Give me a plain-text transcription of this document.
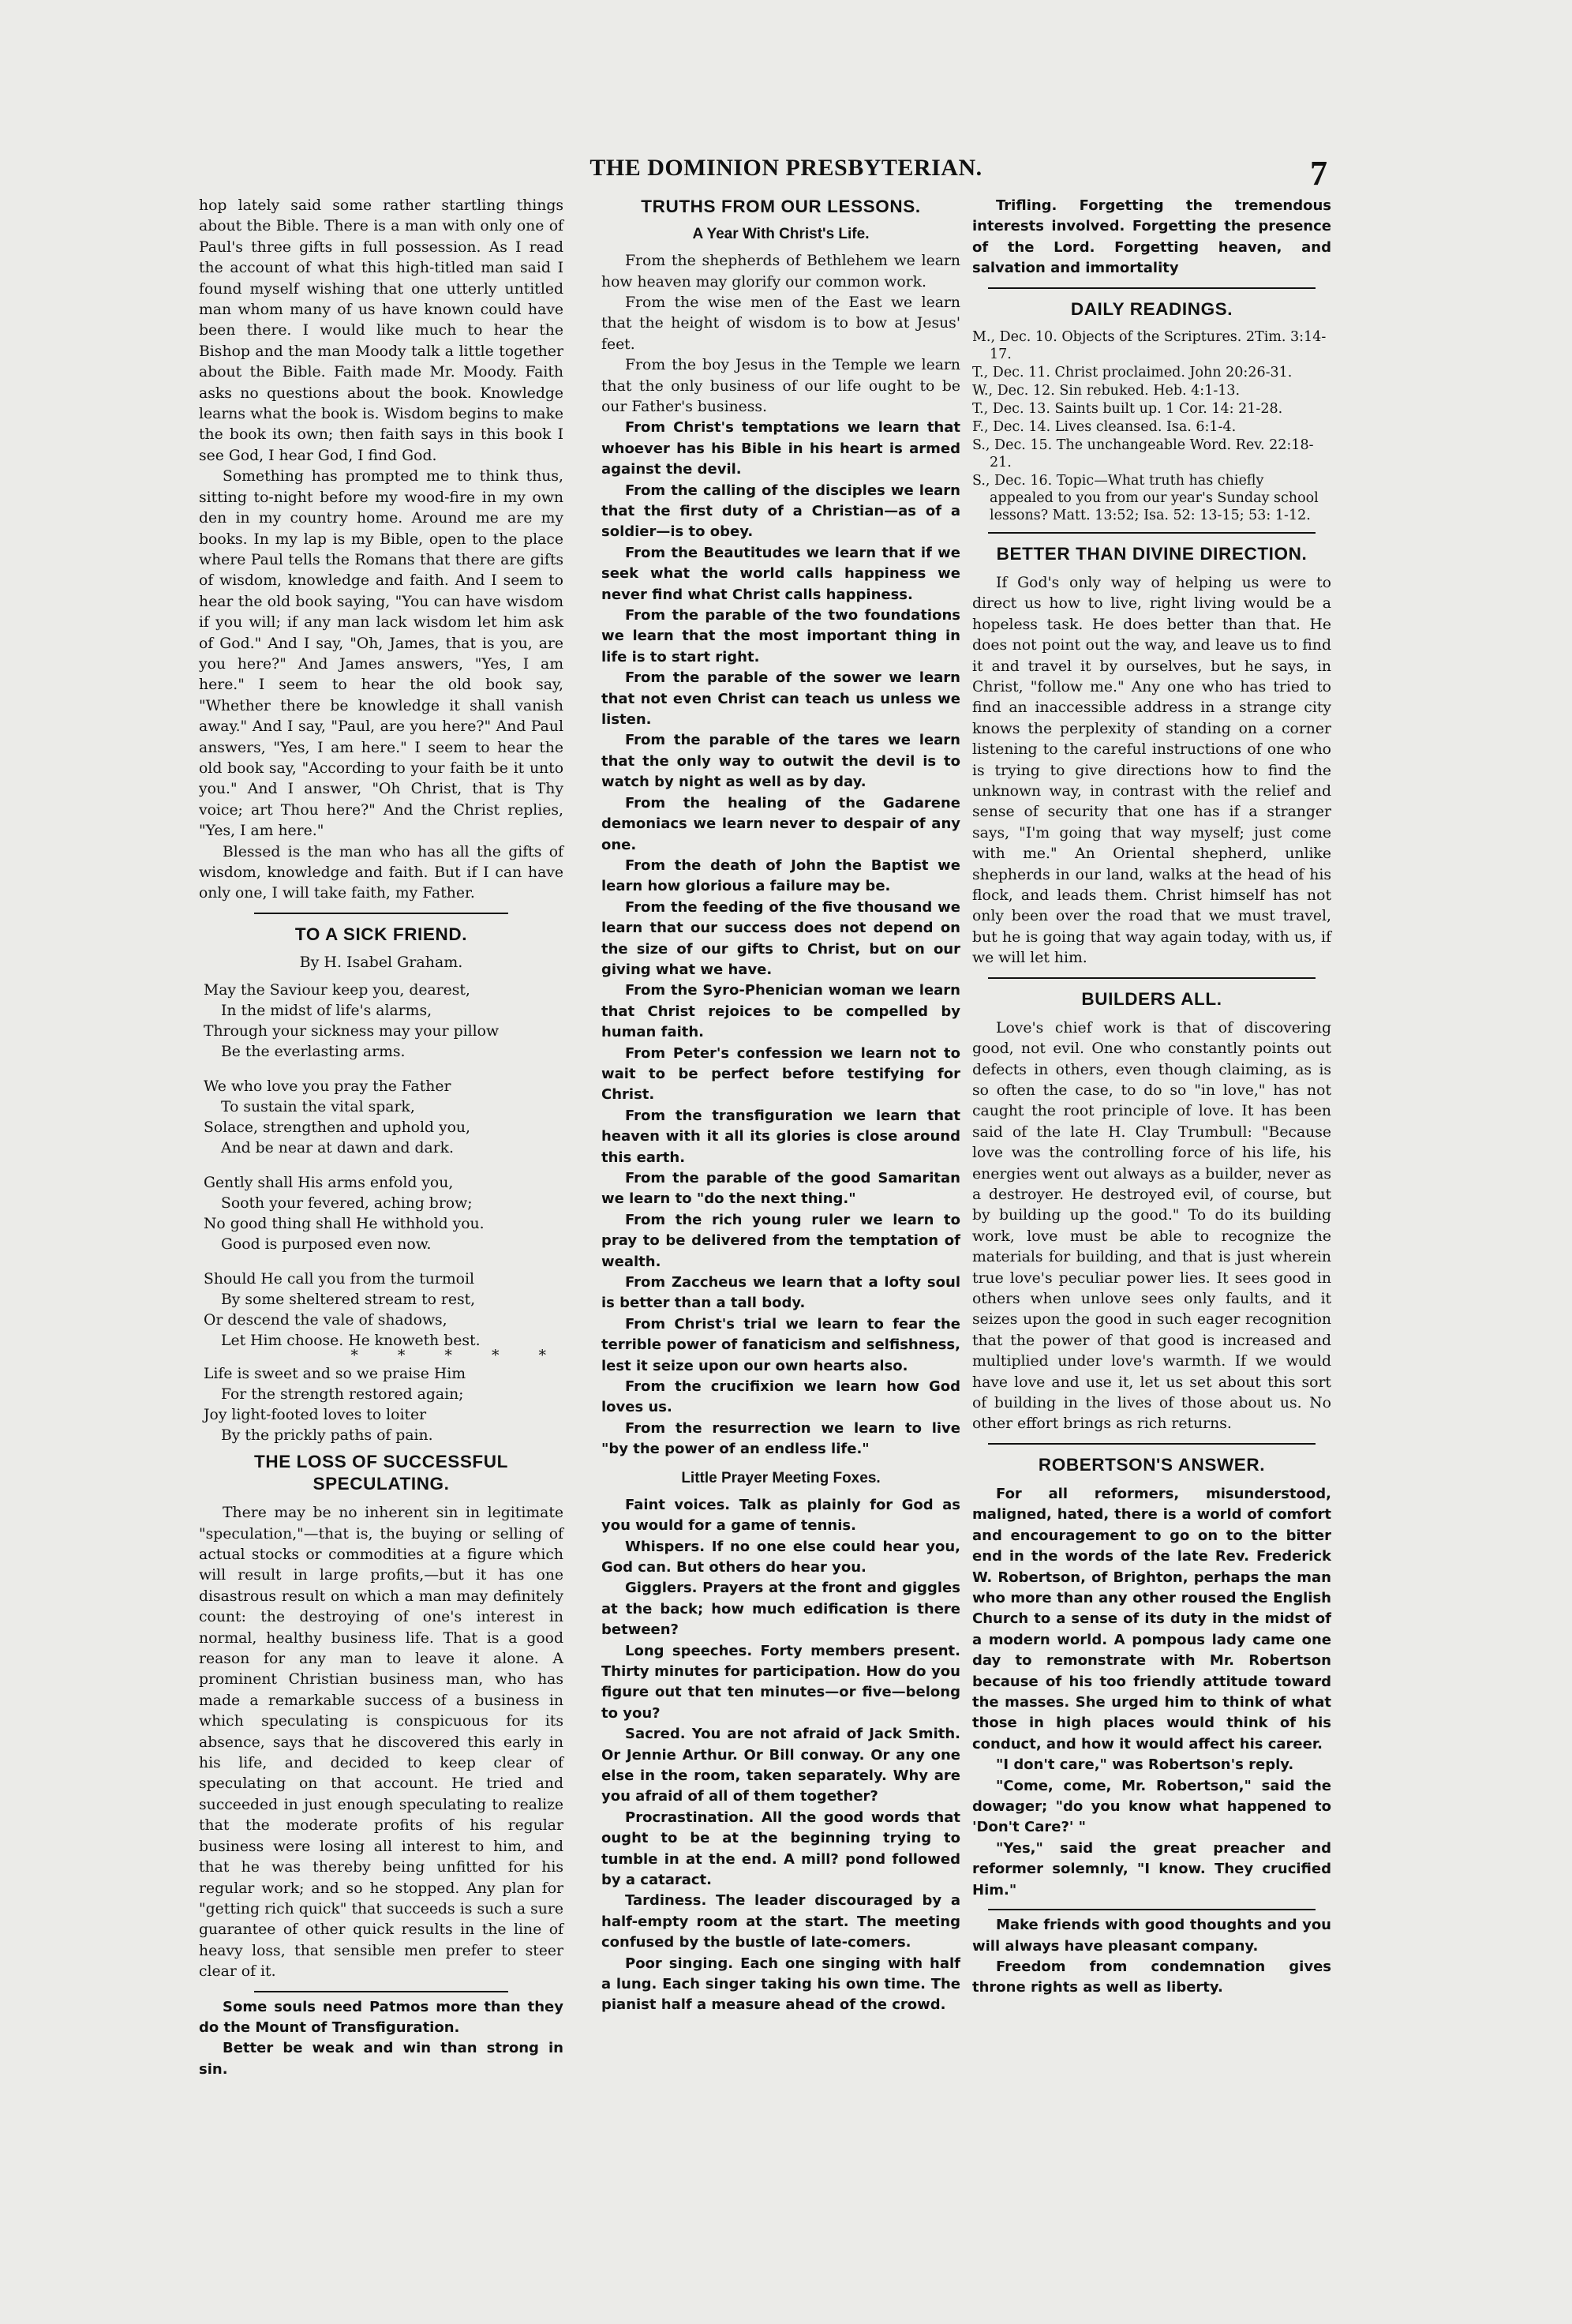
THE DOMINION PRESBYTERIAN.	7

hop lately said some rather startling things about the Bible. There is a man with only one of Paul's three gifts in full possession. As I read the account of what this high-titled man said I found myself wishing that one utterly untitled man whom many of us have known could have been there. I would like much to hear the Bishop and the man Moody talk a little together about the Bible. Faith made Mr. Moody. Faith asks no questions about the book. Knowledge learns what the book is. Wisdom begins to make the book its own; then faith says in this book I see God, I hear God, I find God.

Something has prompted me to think thus, sitting to-night before my wood-fire in my own den in my country home. Around me are my books. In my lap is my Bible, open to the place where Paul tells the Romans that there are gifts of wisdom, knowledge and faith. And I seem to hear the old book saying, "You can have wisdom if you will; if any man lack wisdom let him ask of God." And I say, "Oh, James, that is you, are you here?" And James answers, "Yes, I am here." I seem to hear the old book say, "Whether there be knowledge it shall vanish away." And I say, "Paul, are you here?" And Paul answers, "Yes, I am here." I seem to hear the old book say, "According to your faith be it unto you." And I answer, "Oh Christ, that is Thy voice; art Thou here?" And the Christ replies, "Yes, I am here."

Blessed is the man who has all the gifts of wisdom, knowledge and faith. But if I can have only one, I will take faith, my Father.

TO A SICK FRIEND.
By H. Isabel Graham.
May the Saviour keep you, dearest,
In the midst of life's alarms,
Through your sickness may your pillow
Be the everlasting arms.
We who love you pray the Father
To sustain the vital spark,
Solace, strengthen and uphold you,
And be near at dawn and dark.
Gently shall His arms enfold you,
Sooth your fevered, aching brow;
No good thing shall He withhold you.
Good is purposed even now.
Should He call you from the turmoil
By some sheltered stream to rest,
Or descend the vale of shadows,
Let Him choose. He knoweth best.
* * * * *
Life is sweet and so we praise Him
For the strength restored again;
Joy light-footed loves to loiter
By the prickly paths of pain.
THE LOSS OF SUCCESSFUL SPECULATING.

There may be no inherent sin in legitimate "speculation,"—that is, the buying or selling of actual stocks or commodities at a figure which will result in large profits,—but it has one disastrous result on which a man may definitely count: the destroying of one's interest in normal, healthy business life. That is a good reason for any man to leave it alone. A prominent Christian business man, who has made a remarkable success of a business in which speculating is conspicuous for its absence, says that he discovered this early in his life, and decided to keep clear of speculating on that account. He tried and succeeded in just enough speculating to realize that the moderate profits of his regular business were losing all interest to him, and that he was thereby being unfitted for his regular work; and so he stopped. Any plan for "getting rich quick" that succeeds is such a sure guarantee of other quick results in the line of heavy loss, that sensible men prefer to steer clear of it.

Some souls need Patmos more than they do the Mount of Transfiguration.

Better be weak and win than strong in sin.

TRUTHS FROM OUR LESSONS.
A Year With Christ's Life.

From the shepherds of Bethlehem we learn how heaven may glorify our common work.

From the wise men of the East we learn that the height of wisdom is to bow at Jesus' feet.

From the boy Jesus in the Temple we learn that the only business of our life ought to be our Father's business.

From Christ's temptations we learn that whoever has his Bible in his heart is armed against the devil.

From the calling of the disciples we learn that the first duty of a Christian—as of a soldier—is to obey.

From the Beautitudes we learn that if we seek what the world calls happiness we never find what Christ calls happiness.

From the parable of the two foundations we learn that the most important thing in life is to start right.

From the parable of the sower we learn that not even Christ can teach us unless we listen.

From the parable of the tares we learn that the only way to outwit the devil is to watch by night as well as by day.

From the healing of the Gadarene demoniacs we learn never to despair of any one.

From the death of John the Baptist we learn how glorious a failure may be.

From the feeding of the five thousand we learn that our success does not depend on the size of our gifts to Christ, but on our giving what we have.

From the Syro-Phenician woman we learn that Christ rejoices to be compelled by human faith.

From Peter's confession we learn not to wait to be perfect before testifying for Christ.

From the transfiguration we learn that heaven with it all its glories is close around this earth.

From the parable of the good Samaritan we learn to "do the next thing."

From the rich young ruler we learn to pray to be delivered from the temptation of wealth.

From Zaccheus we learn that a lofty soul is better than a tall body.

From Christ's trial we learn to fear the terrible power of fanaticism and selfishness, lest it seize upon our own hearts also.

From the crucifixion we learn how God loves us.

From the resurrection we learn to live "by the power of an endless life."

Little Prayer Meeting Foxes.

Faint voices. Talk as plainly for God as you would for a game of tennis.

Whispers. If no one else could hear you, God can. But others do hear you.

Gigglers. Prayers at the front and giggles at the back; how much edification is there between?

Long speeches. Forty members present. Thirty minutes for participation. How do you figure out that ten minutes—or five—belong to you?

Sacred. You are not afraid of Jack Smith. Or Jennie Arthur. Or Bill conway. Or any one else in the room, taken separately. Why are you afraid of all of them together?

Procrastination. All the good words that ought to be at the beginning trying to tumble in at the end. A mill? pond followed by a cataract.

Tardiness. The leader discouraged by a half-empty room at the start. The meeting confused by the bustle of late-comers.

Poor singing. Each one singing with half a lung. Each singer taking his own time. The pianist half a measure ahead of the crowd.

Trifling. Forgetting the tremendous interests involved. Forgetting the presence of the Lord. Forgetting heaven, and salvation and immortality

DAILY READINGS.

M., Dec. 10. Objects of the Scriptures. 2Tim. 3:14-17.

T., Dec. 11. Christ proclaimed. John 20:26-31.

W., Dec. 12. Sin rebuked. Heb. 4:1-13.

T., Dec. 13. Saints built up. 1 Cor. 14: 21-28.

F., Dec. 14. Lives cleansed. Isa. 6:1-4.

S., Dec. 15. The unchangeable Word. Rev. 22:18-21.

S., Dec. 16. Topic—What truth has chiefly appealed to you from our year's Sunday school lessons? Matt. 13:52; Isa. 52: 13-15; 53: 1-12.

BETTER THAN DIVINE DIRECTION.

If God's only way of helping us were to direct us how to live, right living would be a hopeless task. He does better than that. He does not point out the way, and leave us to find it and travel it by ourselves, but he says, in Christ, "follow me." Any one who has tried to find an inaccessible address in a strange city knows the perplexity of standing on a corner listening to the careful instructions of one who is trying to give directions how to find the unknown way, in contrast with the relief and sense of security that one has if a stranger says, "I'm going that way myself; just come with me." An Oriental shepherd, unlike shepherds in our land, walks at the head of his flock, and leads them. Christ himself has not only been over the road that we must travel, but he is going that way again today, with us, if we will let him.

BUILDERS ALL.

Love's chief work is that of discovering good, not evil. One who constantly points out defects in others, even though claiming, as is so often the case, to do so "in love," has not caught the root principle of love. It has been said of the late H. Clay Trumbull: "Because love was the controlling force of his life, his energies went out always as a builder, never as a destroyer. He destroyed evil, of course, but by building up the good." To do its building work, love must be able to recognize the materials for building, and that is just wherein true love's peculiar power lies. It sees good in others when unlove sees only faults, and it seizes upon the good in such eager recognition that the power of that good is increased and multiplied under love's warmth. If we would have love and use it, let us set about this sort of building in the lives of those about us. No other effort brings as rich returns.

ROBERTSON'S ANSWER.

For all reformers, misunderstood, maligned, hated, there is a world of comfort and encouragement to go on to the bitter end in the words of the late Rev. Frederick W. Robertson, of Brighton, perhaps the man who more than any other roused the English Church to a sense of its duty in the midst of a modern world. A pompous lady came one day to remonstrate with Mr. Robertson because of his too friendly attitude toward the masses. She urged him to think of what those in high places would think of his conduct, and how it would affect his career.

"I don't care," was Robertson's reply.

"Come, come, Mr. Robertson," said the dowager; "do you know what happened to 'Don't Care?' "

"Yes," said the great preacher and reformer solemnly, "I know. They crucified Him."

Make friends with good thoughts and you will always have pleasant company.

Freedom from condemnation gives throne rights as well as liberty.
